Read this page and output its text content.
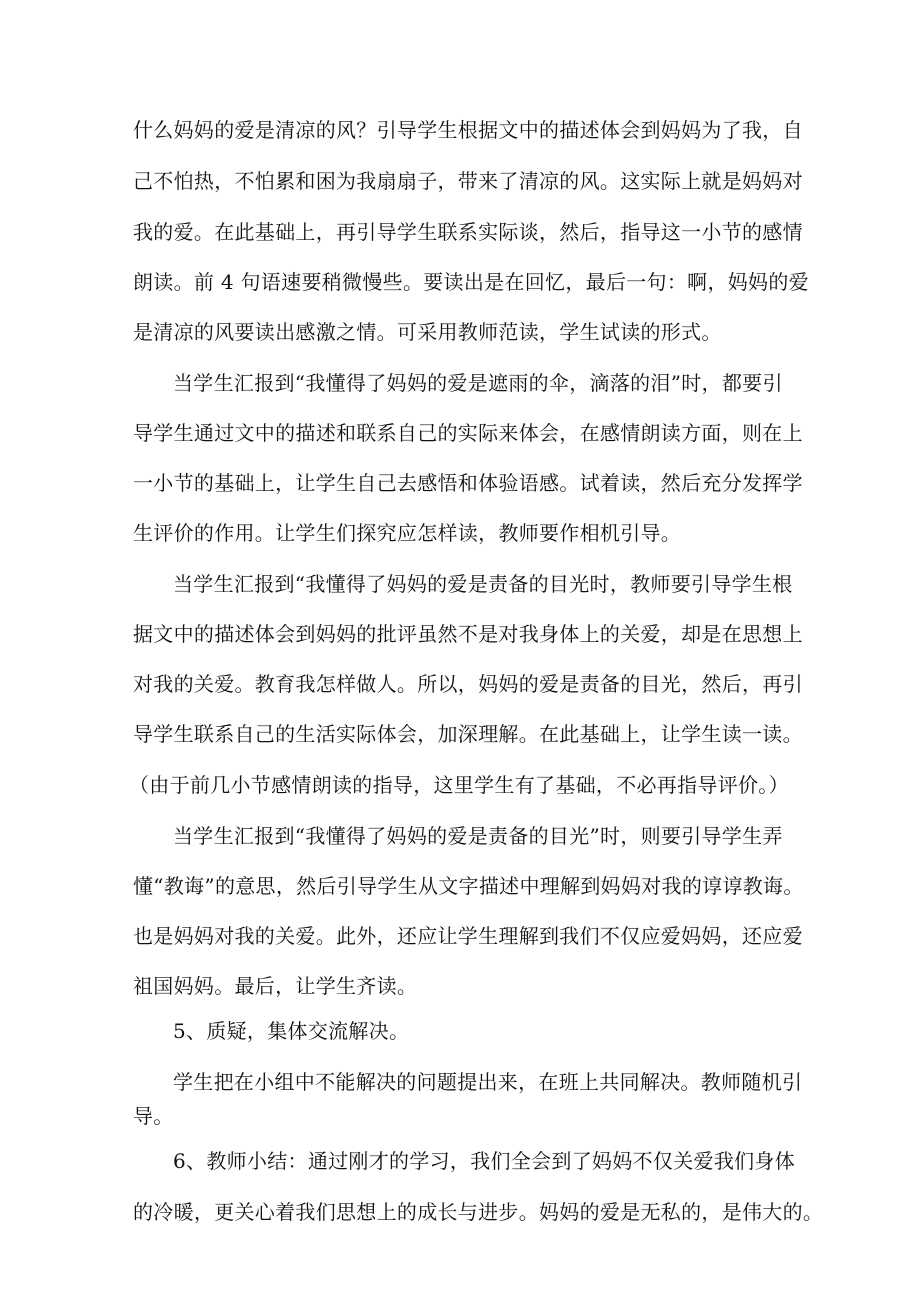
什么妈妈的爱是清凉的风？引导学生根据文中的描述体会到妈妈为了我，自
己不怕热，不怕累和困为我扇扇子，带来了清凉的风。这实际上就是妈妈对
我的爱。在此基础上，再引导学生联系实际谈，然后，指导这一小节的感情
朗读。前 4 句语速要稍微慢些。要读出是在回忆，最后一句：啊，妈妈的爱
是清凉的风要读出感激之情。可采用教师范读，学生试读的形式。
当学生汇报到“我懂得了妈妈的爱是遮雨的伞，滴落的泪”时，都要引
导学生通过文中的描述和联系自己的实际来体会，在感情朗读方面，则在上
一小节的基础上，让学生自己去感悟和体验语感。试着读，然后充分发挥学
生评价的作用。让学生们探究应怎样读，教师要作相机引导。
当学生汇报到“我懂得了妈妈的爱是责备的目光时，教师要引导学生根
据文中的描述体会到妈妈的批评虽然不是对我身体上的关爱，却是在思想上
对我的关爱。教育我怎样做人。所以，妈妈的爱是责备的目光，然后，再引
导学生联系自己的生活实际体会，加深理解。在此基础上，让学生读一读。
（由于前几小节感情朗读的指导，这里学生有了基础，不必再指导评价。）
当学生汇报到“我懂得了妈妈的爱是责备的目光”时，则要引导学生弄
懂“教诲”的意思，然后引导学生从文字描述中理解到妈妈对我的谆谆教诲。
也是妈妈对我的关爱。此外，还应让学生理解到我们不仅应爱妈妈，还应爱
祖国妈妈。最后，让学生齐读。
5、质疑，集体交流解决。
学生把在小组中不能解决的问题提出来，在班上共同解决。教师随机引
导。
6、教师小结：通过刚才的学习，我们全会到了妈妈不仅关爱我们身体
的冷暖，更关心着我们思想上的成长与进步。妈妈的爱是无私的，是伟大的。
